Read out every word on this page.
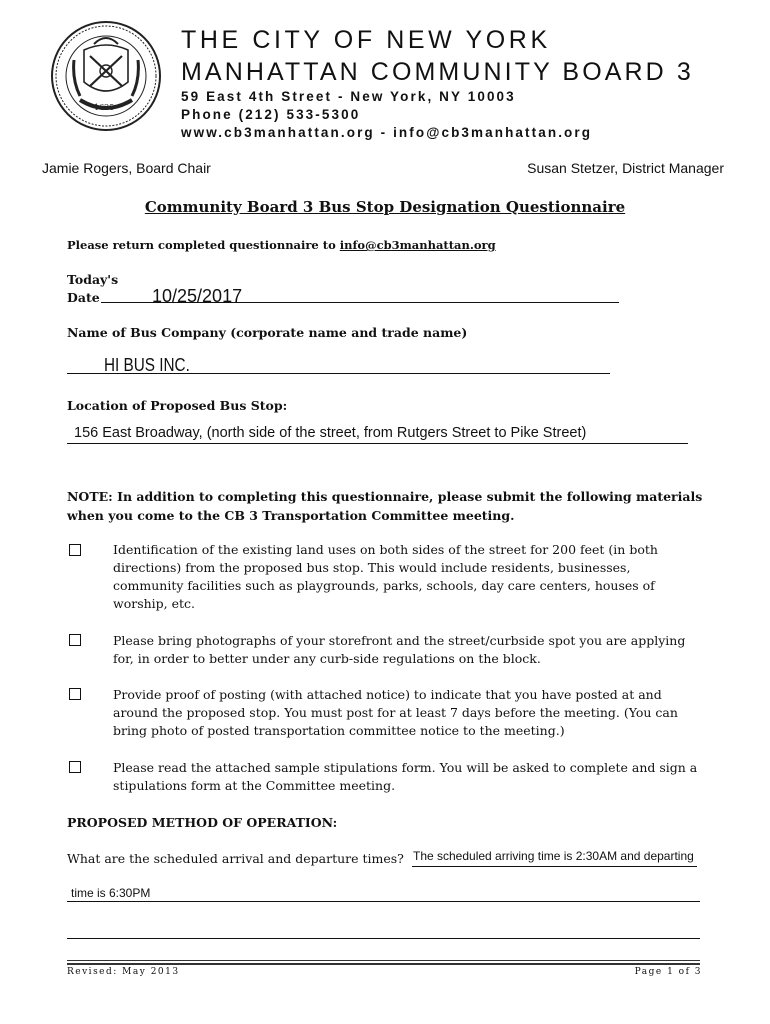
1625
THE CITY OF NEW YORK
MANHATTAN COMMUNITY BOARD 3
59 East 4th Street - New York, NY 10003
Phone (212) 533-5300
www.cb3manhattan.org - info@cb3manhattan.org
Jamie Rogers, Board Chair	Susan Stetzer, District Manager
Community Board 3 Bus Stop Designation Questionnaire
Please return completed questionnaire to info@cb3manhattan.org
Today's
Date	10/25/2017
Name of Bus Company (corporate name and trade name)
HI BUS INC.
Location of Proposed Bus Stop:
156 East Broadway, (north side of the street, from Rutgers Street to Pike Street)
NOTE: In addition to completing this questionnaire, please submit the following materials when you come to the CB 3 Transportation Committee meeting.
Identification of the existing land uses on both sides of the street for 200 feet (in both directions) from the proposed bus stop. This would include residents, businesses, community facilities such as playgrounds, parks, schools, day care centers, houses of worship, etc.
Please bring photographs of your storefront and the street/curbside spot you are applying for, in order to better under any curb-side regulations on the block.
Provide proof of posting (with attached notice) to indicate that you have posted at and around the proposed stop. You must post for at least 7 days before the meeting. (You can bring photo of posted transportation committee notice to the meeting.)
Please read the attached sample stipulations form. You will be asked to complete and sign a stipulations form at the Committee meeting.
PROPOSED METHOD OF OPERATION:
What are the scheduled arrival and departure times? The scheduled arriving time is 2:30AM and departing
time is 6:30PM
Revised: May 2013	Page 1 of 3
